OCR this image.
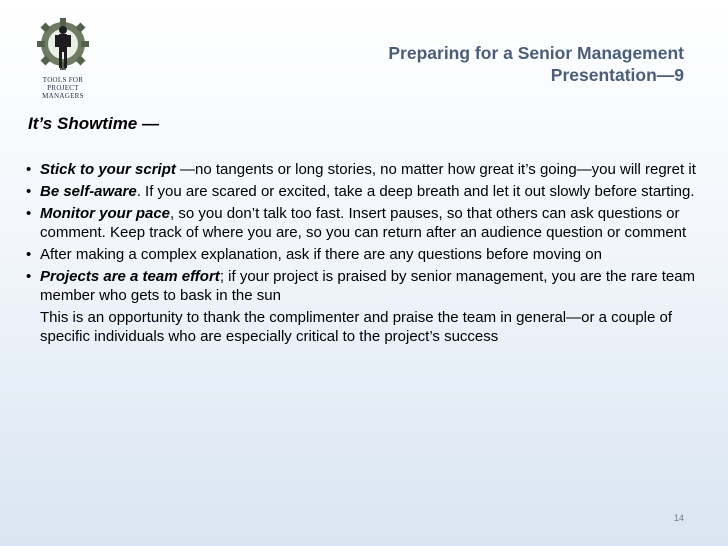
TOOLS FOR
PROJECT MANAGERS
Preparing for a Senior Management
Presentation—9
It’s Showtime —
• Stick to your script —no tangents or long stories, no matter how great it’s going—you will regret it
• Be self-aware. If you are scared or excited, take a deep breath and let it out slowly before starting.
• Monitor your pace, so you don’t talk too fast. Insert pauses, so that others can ask questions or comment. Keep track of where you are, so you can return after an audience question or comment
• After making a complex explanation, ask if there are any questions before moving on
• Projects are a team effort; if your project is praised by senior management, you are the rare team member who gets to bask in the sun
This is an opportunity to thank the complimenter and praise the team in general—or a couple of specific individuals who are especially critical to the project’s success
14
